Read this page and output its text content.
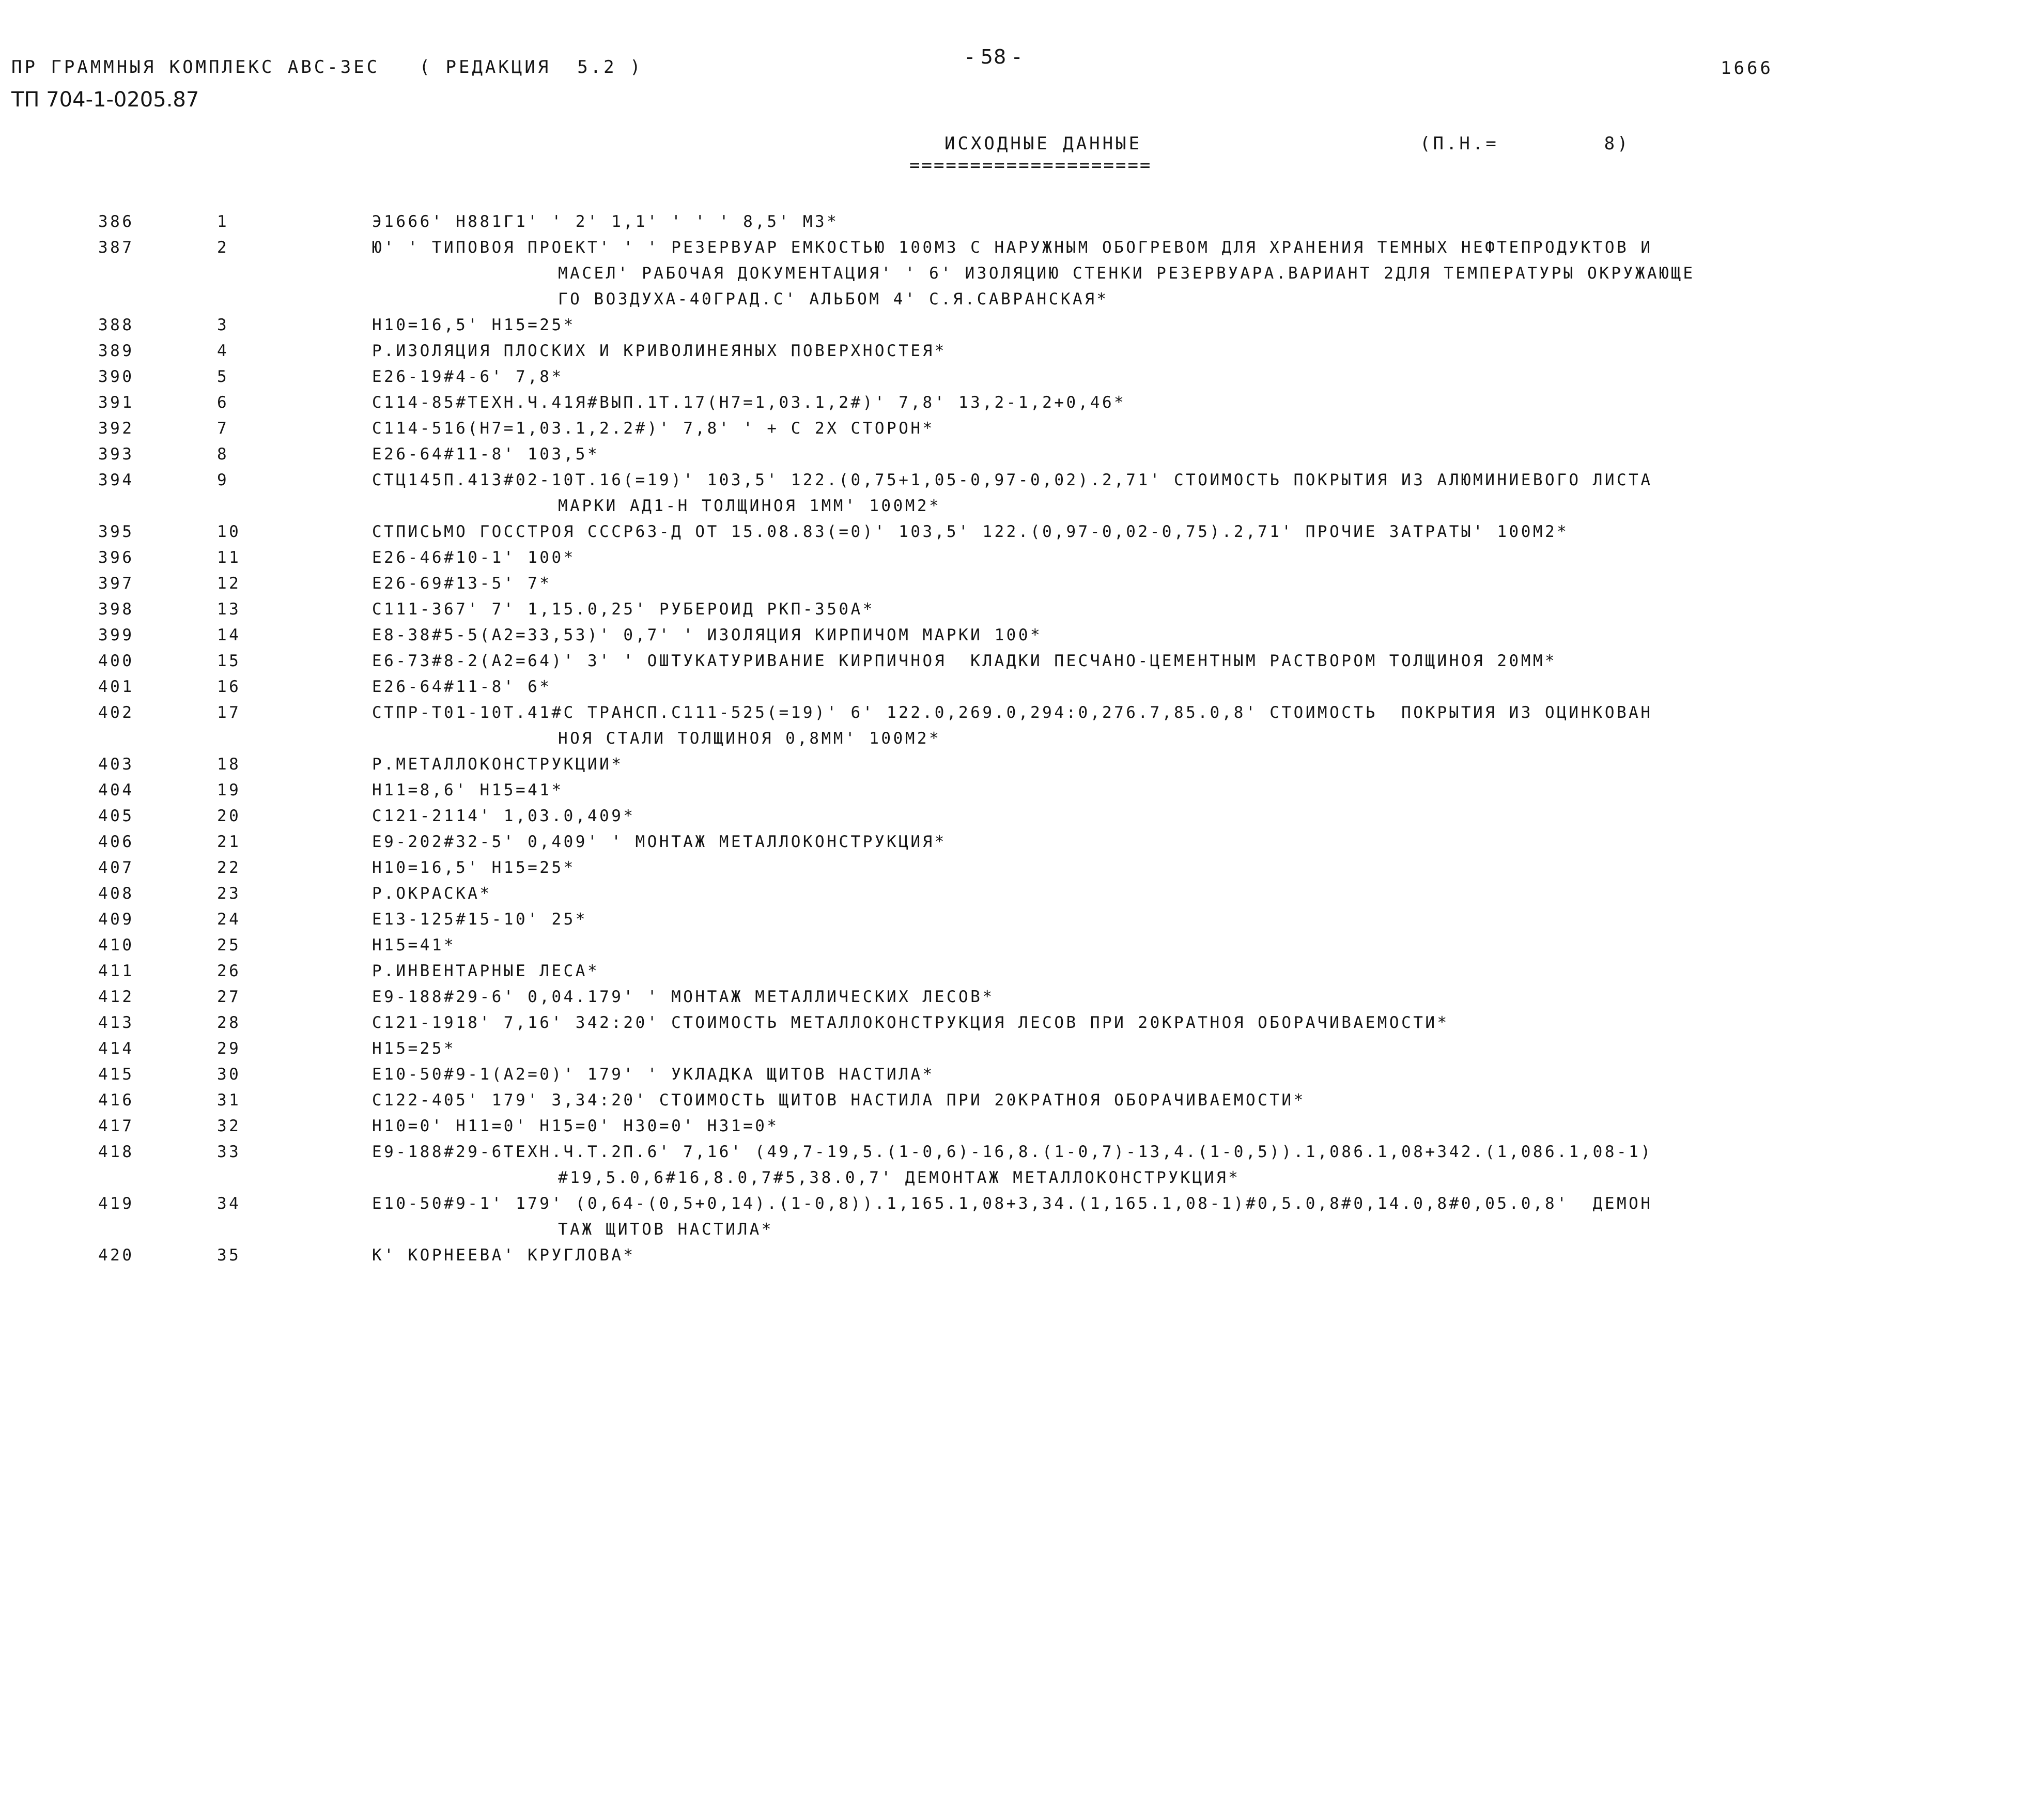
ПР ГРАММНЫЯ КОМПЛЕКС АВС-ЗЕС   ( РЕДАКЦИЯ  5.2 )	- 58 -	1666
ТП 704-1-0205.87
ИСХОДНЫЕ ДАННЫЕ
====================
(П.Н.=        8)
386	1	Э1666' Н881Г1' ' 2' 1,1' ' ' ' 8,5' МЗ*
387	2	Ю' ' ТИПОВОЯ ПРОЕКТ' ' ' РЕЗЕРВУАР ЕМКОСТЬЮ 100МЗ С НАРУЖНЫМ ОБОГРЕВОМ ДЛЯ ХРАНЕНИЯ ТЕМНЫХ НЕФТЕПРОДУКТОВ И
МАСЕЛ' РАБОЧАЯ ДОКУМЕНТАЦИЯ' ' 6' ИЗОЛЯЦИЮ СТЕНКИ РЕЗЕРВУАРА.ВАРИАНТ 2ДЛЯ ТЕМПЕРАТУРЫ ОКРУЖАЮЩЕ
ГО ВОЗДУХА-40ГРАД.С' АЛЬБОМ 4' С.Я.САВРАНСКАЯ*
388	3	Н10=16,5' Н15=25*
389	4	Р.ИЗОЛЯЦИЯ ПЛОСКИХ И КРИВОЛИНЕЯНЫХ ПОВЕРХНОСТЕЯ*
390	5	Е26-19#4-6' 7,8*
391	6	С114-85#ТЕХН.Ч.41Я#ВЫП.1Т.17(Н7=1,03.1,2#)' 7,8' 13,2-1,2+0,46*
392	7	С114-516(Н7=1,03.1,2.2#)' 7,8' ' + С 2Х СТОРОН*
393	8	Е26-64#11-8' 103,5*
394	9	СТЦ145П.413#02-10Т.16(=19)' 103,5' 122.(0,75+1,05-0,97-0,02).2,71' СТОИМОСТЬ ПОКРЫТИЯ ИЗ АЛЮМИНИЕВОГО ЛИСТА
МАРКИ АД1-Н ТОЛЩИНОЯ 1ММ' 100М2*
395	10	СТПИСЬМО ГОССТРОЯ СССР63-Д ОТ 15.08.83(=0)' 103,5' 122.(0,97-0,02-0,75).2,71' ПРОЧИЕ ЗАТРАТЫ' 100М2*
396	11	Е26-46#10-1' 100*
397	12	Е26-69#13-5' 7*
398	13	С111-367' 7' 1,15.0,25' РУБЕРОИД РКП-350А*
399	14	Е8-38#5-5(А2=33,53)' 0,7' ' ИЗОЛЯЦИЯ КИРПИЧОМ МАРКИ 100*
400	15	Е6-73#8-2(А2=64)' 3' ' ОШТУКАТУРИВАНИЕ КИРПИЧНОЯ  КЛАДКИ ПЕСЧАНО-ЦЕМЕНТНЫМ РАСТВОРОМ ТОЛЩИНОЯ 20ММ*
401	16	Е26-64#11-8' 6*
402	17	СТПР-Т01-10Т.41#С ТРАНСП.С111-525(=19)' 6' 122.0,269.0,294:0,276.7,85.0,8' СТОИМОСТЬ  ПОКРЫТИЯ ИЗ ОЦИНКОВАН
НОЯ СТАЛИ ТОЛЩИНОЯ 0,8ММ' 100М2*
403	18	Р.МЕТАЛЛОКОНСТРУКЦИИ*
404	19	Н11=8,6' Н15=41*
405	20	С121-2114' 1,03.0,409*
406	21	Е9-202#32-5' 0,409' ' МОНТАЖ МЕТАЛЛОКОНСТРУКЦИЯ*
407	22	Н10=16,5' Н15=25*
408	23	Р.ОКРАСКА*
409	24	Е13-125#15-10' 25*
410	25	Н15=41*
411	26	Р.ИНВЕНТАРНЫЕ ЛЕСА*
412	27	Е9-188#29-6' 0,04.179' ' МОНТАЖ МЕТАЛЛИЧЕСКИХ ЛЕСОВ*
413	28	С121-1918' 7,16' 342:20' СТОИМОСТЬ МЕТАЛЛОКОНСТРУКЦИЯ ЛЕСОВ ПРИ 20КРАТНОЯ ОБОРАЧИВАЕМОСТИ*
414	29	Н15=25*
415	30	Е10-50#9-1(А2=0)' 179' ' УКЛАДКА ЩИТОВ НАСТИЛА*
416	31	С122-405' 179' 3,34:20' СТОИМОСТЬ ЩИТОВ НАСТИЛА ПРИ 20КРАТНОЯ ОБОРАЧИВАЕМОСТИ*
417	32	Н10=0' Н11=0' Н15=0' Н30=0' Н31=0*
418	33	Е9-188#29-6ТЕХН.Ч.Т.2П.6' 7,16' (49,7-19,5.(1-0,6)-16,8.(1-0,7)-13,4.(1-0,5)).1,086.1,08+342.(1,086.1,08-1)
#19,5.0,6#16,8.0,7#5,38.0,7' ДЕМОНТАЖ МЕТАЛЛОКОНСТРУКЦИЯ*
419	34	Е10-50#9-1' 179' (0,64-(0,5+0,14).(1-0,8)).1,165.1,08+3,34.(1,165.1,08-1)#0,5.0,8#0,14.0,8#0,05.0,8'  ДЕМОН
ТАЖ ЩИТОВ НАСТИЛА*
420	35	К' КОРНЕЕВА' КРУГЛОВА*
